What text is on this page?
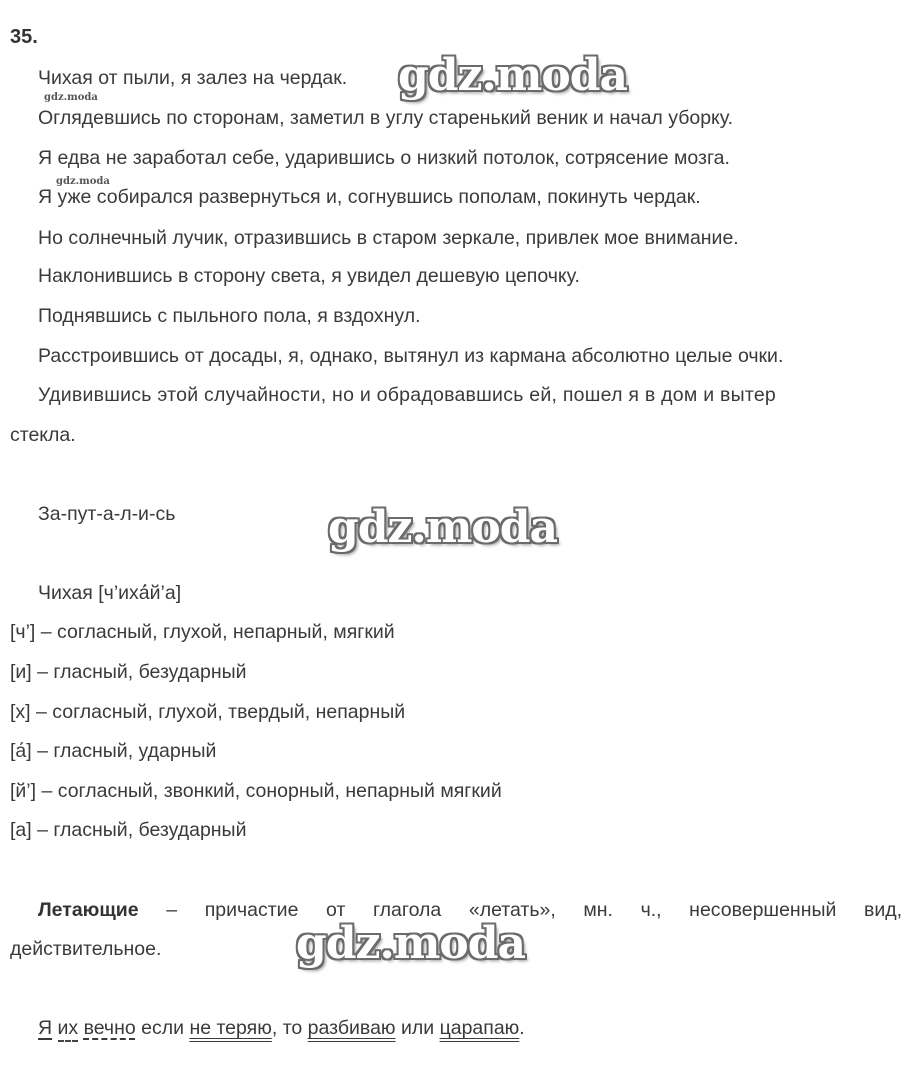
35.
Чихая от пыли, я залез на чердак.
Оглядевшись по сторонам, заметил в углу старенький веник и начал уборку.
Я едва не заработал себе, ударившись о низкий потолок, сотрясение мозга.
Я уже собирался развернуться и, согнувшись пополам, покинуть чердак.
Но солнечный лучик, отразившись в старом зеркале, привлек мое внимание.
Наклонившись в сторону света, я увидел дешевую цепочку.
Поднявшись с пыльного пола, я вздохнул.
Расстроившись от досады, я, однако, вытянул из кармана абсолютно целые очки.
Удивившись этой случайности, но и обрадовавшись ей, пошел я в дом и вытер
стекла.
За-пут-а-л-и-сь
Чихая [ч’ихá́й’а]
[ч’] – согласный, глухой, непарный, мягкий
[и] – гласный, безударный
[х] – согласный, глухой, твердый, непарный
[а́] – гласный, ударный
[й’] – согласный, звонкий, сонорный, непарный мягкий
[а] – гласный, безударный
Летающие – причастие от глагола «летать», мн. ч., несовершенный вид,
действительное.
Я их вечно если не теряю, то разбиваю или царапаю.
gdz.moda
gdz.moda
gdz.moda
gdz.moda
gdz.moda
